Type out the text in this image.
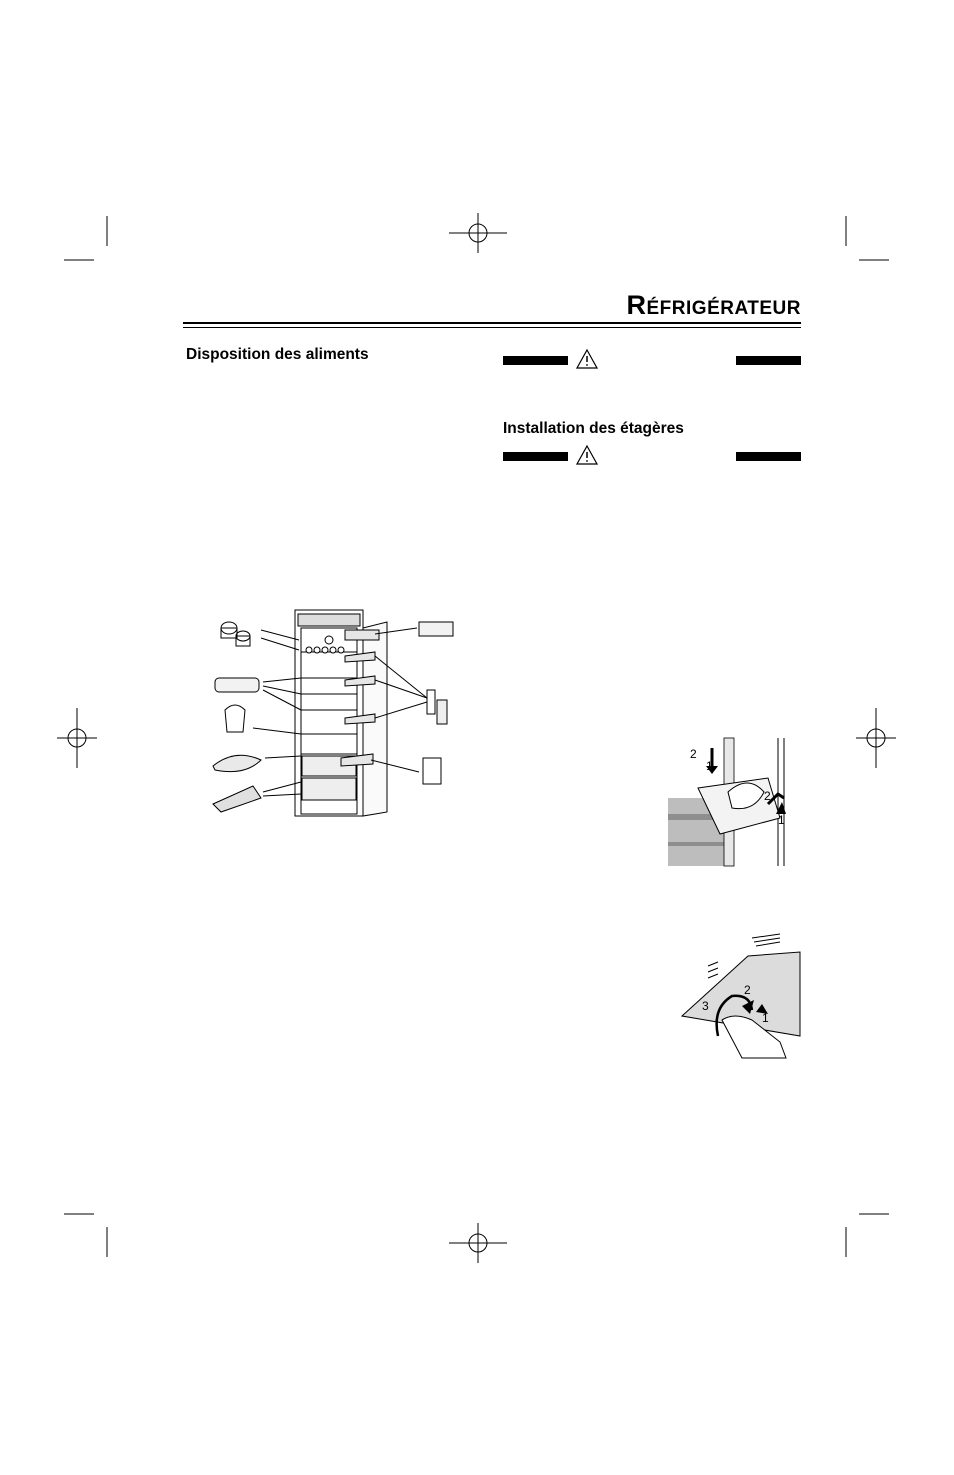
Réfrigérateur
Disposition des aliments
Installation des étagères
2
1
2
1
3
2
1
